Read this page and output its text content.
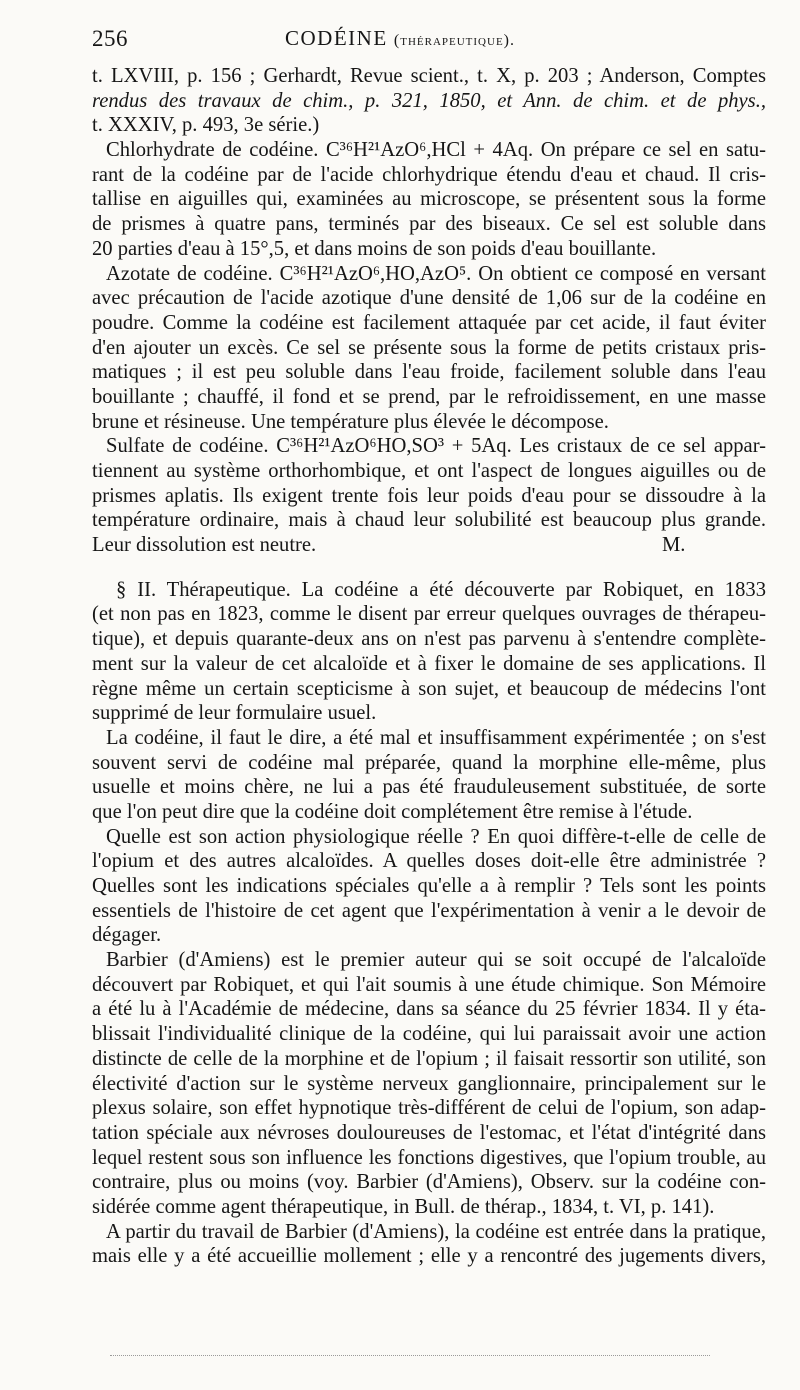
256	CODÉINE (thérapeutique).
t. LXVIII, p. 156 ; Gerhardt, Revue scient., t. X, p. 203 ; Anderson, Comptes
rendus des travaux de chim., p. 321, 1850, et Ann. de chim. et de phys.,
t. XXXIV, p. 493, 3e série.)
Chlorhydrate de codéine. C³⁶H²¹AzO⁶,HCl + 4Aq. On prépare ce sel en satu-
rant de la codéine par de l'acide chlorhydrique étendu d'eau et chaud. Il cris-
tallise en aiguilles qui, examinées au microscope, se présentent sous la forme
de prismes à quatre pans, terminés par des biseaux. Ce sel est soluble dans
20 parties d'eau à 15°,5, et dans moins de son poids d'eau bouillante.
Azotate de codéine. C³⁶H²¹AzO⁶,HO,AzO⁵. On obtient ce composé en versant
avec précaution de l'acide azotique d'une densité de 1,06 sur de la codéine en
poudre. Comme la codéine est facilement attaquée par cet acide, il faut éviter
d'en ajouter un excès. Ce sel se présente sous la forme de petits cristaux pris-
matiques ; il est peu soluble dans l'eau froide, facilement soluble dans l'eau
bouillante ; chauffé, il fond et se prend, par le refroidissement, en une masse
brune et résineuse. Une température plus élevée le décompose.
Sulfate de codéine. C³⁶H²¹AzO⁶HO,SO³ + 5Aq. Les cristaux de ce sel appar-
tiennent au système orthorhombique, et ont l'aspect de longues aiguilles ou de
prismes aplatis. Ils exigent trente fois leur poids d'eau pour se dissoudre à la
température ordinaire, mais à chaud leur solubilité est beaucoup plus grande.
Leur dissolution est neutre.	M.
§ II. Thérapeutique. La codéine a été découverte par Robiquet, en 1833
(et non pas en 1823, comme le disent par erreur quelques ouvrages de thérapeu-
tique), et depuis quarante-deux ans on n'est pas parvenu à s'entendre complète-
ment sur la valeur de cet alcaloïde et à fixer le domaine de ses applications. Il
règne même un certain scepticisme à son sujet, et beaucoup de médecins l'ont
supprimé de leur formulaire usuel.
La codéine, il faut le dire, a été mal et insuffisamment expérimentée ; on s'est
souvent servi de codéine mal préparée, quand la morphine elle-même, plus
usuelle et moins chère, ne lui a pas été frauduleusement substituée, de sorte
que l'on peut dire que la codéine doit complétement être remise à l'étude.
Quelle est son action physiologique réelle ? En quoi diffère-t-elle de celle de
l'opium et des autres alcaloïdes. A quelles doses doit-elle être administrée ?
Quelles sont les indications spéciales qu'elle a à remplir ? Tels sont les points
essentiels de l'histoire de cet agent que l'expérimentation à venir a le devoir de
dégager.
Barbier (d'Amiens) est le premier auteur qui se soit occupé de l'alcaloïde
découvert par Robiquet, et qui l'ait soumis à une étude chimique. Son Mémoire
a été lu à l'Académie de médecine, dans sa séance du 25 février 1834. Il y éta-
blissait l'individualité clinique de la codéine, qui lui paraissait avoir une action
distincte de celle de la morphine et de l'opium ; il faisait ressortir son utilité, son
électivité d'action sur le système nerveux ganglionnaire, principalement sur le
plexus solaire, son effet hypnotique très-différent de celui de l'opium, son adap-
tation spéciale aux névroses douloureuses de l'estomac, et l'état d'intégrité dans
lequel restent sous son influence les fonctions digestives, que l'opium trouble, au
contraire, plus ou moins (voy. Barbier (d'Amiens), Observ. sur la codéine con-
sidérée comme agent thérapeutique, in Bull. de thérap., 1834, t. VI, p. 141).
A partir du travail de Barbier (d'Amiens), la codéine est entrée dans la pratique,
mais elle y a été accueillie mollement ; elle y a rencontré des jugements divers,
